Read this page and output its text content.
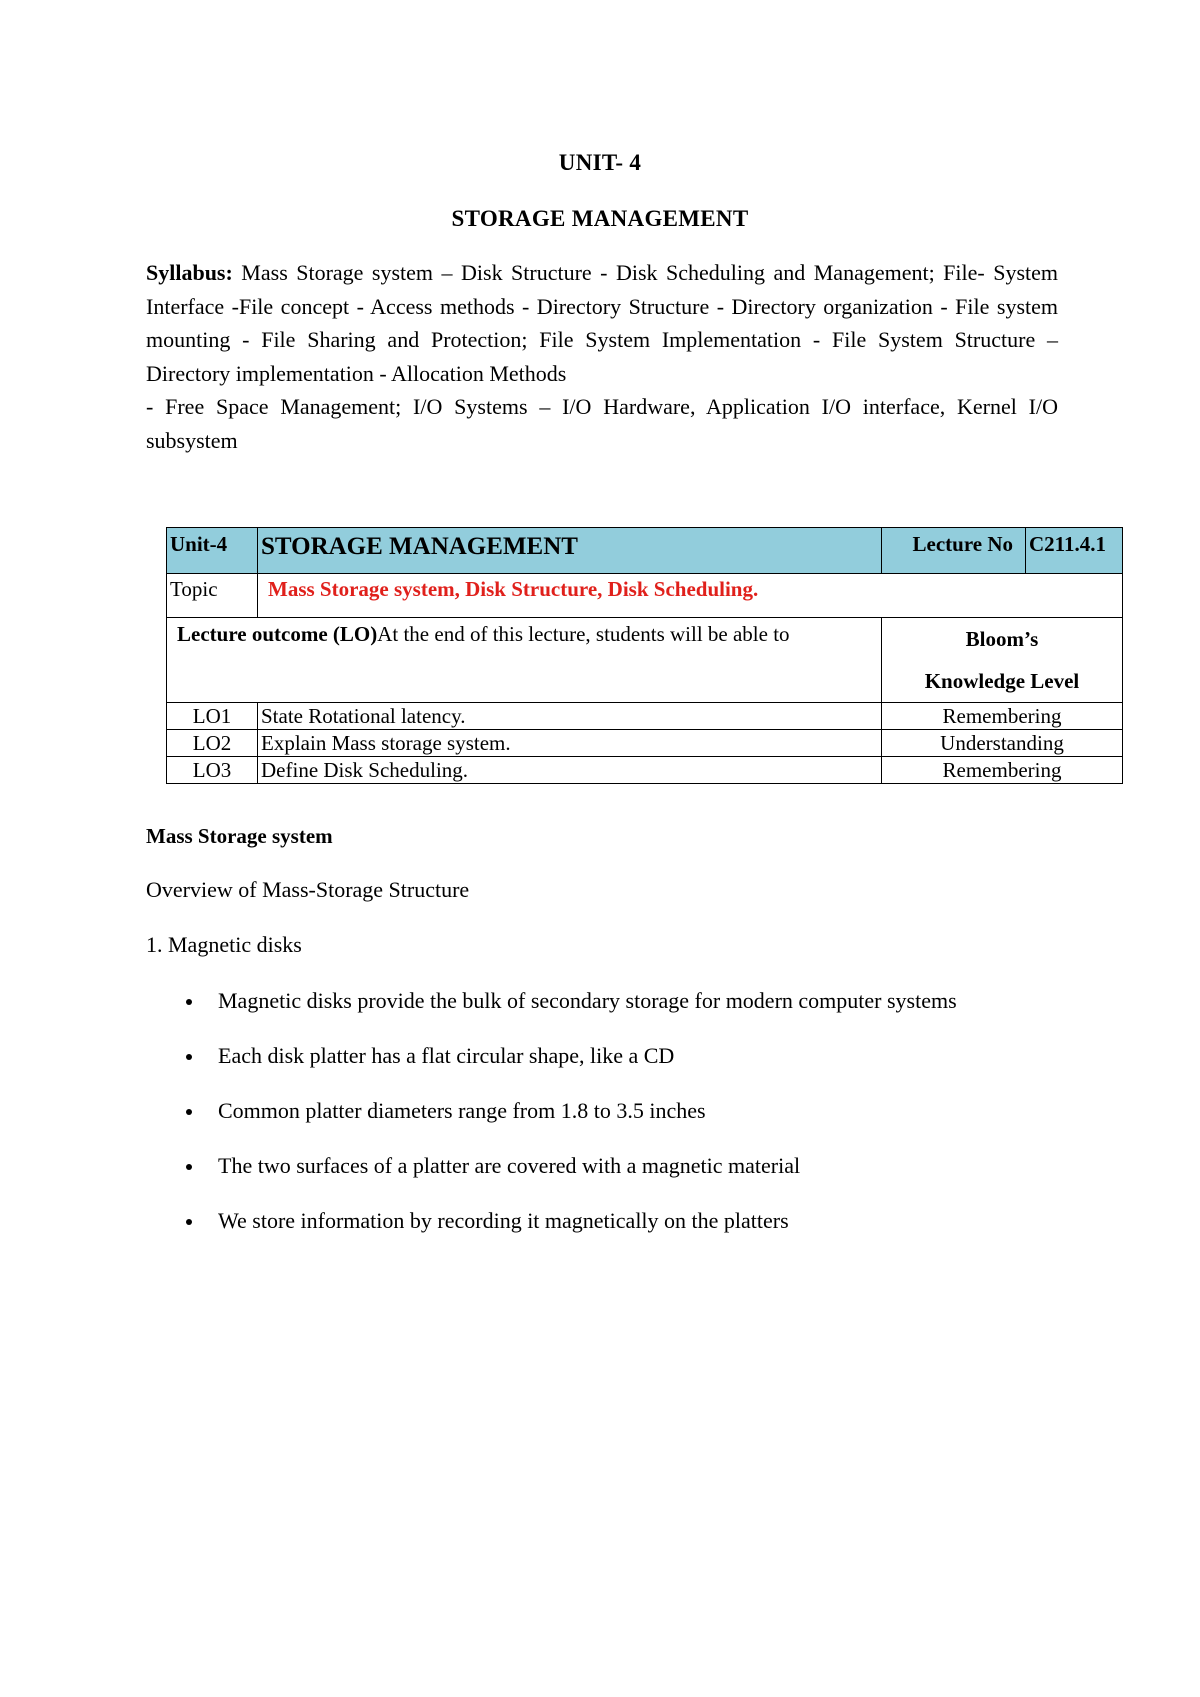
UNIT- 4
STORAGE MANAGEMENT

Syllabus: Mass Storage system – Disk Structure - Disk Scheduling and Management; File- System Interface -File concept - Access methods - Directory Structure - Directory organization - File system mounting - File Sharing and Protection; File System Implementation - File System Structure – Directory implementation - Allocation Methods

- Free Space Management; I/O Systems – I/O Hardware, Application I/O interface, Kernel I/O subsystem

Unit-4	STORAGE MANAGEMENT	Lecture No	C211.4.1
Topic	Mass Storage system, Disk Structure, Disk Scheduling.		
Lecture outcome (LO)At the end of this lecture, students will be able to		Bloom’s
Knowledge Level	
LO1	State Rotational latency.	Remembering	
LO2	Explain Mass storage system.	Understanding	
LO3	Define Disk Scheduling.	Remembering	
Mass Storage system
Overview of Mass-Storage Structure
1. Magnetic disks
Magnetic disks provide the bulk of secondary storage for modern computer systems
Each disk platter has a flat circular shape, like a CD
Common platter diameters range from 1.8 to 3.5 inches
The two surfaces of a platter are covered with a magnetic material
We store information by recording it magnetically on the platters
